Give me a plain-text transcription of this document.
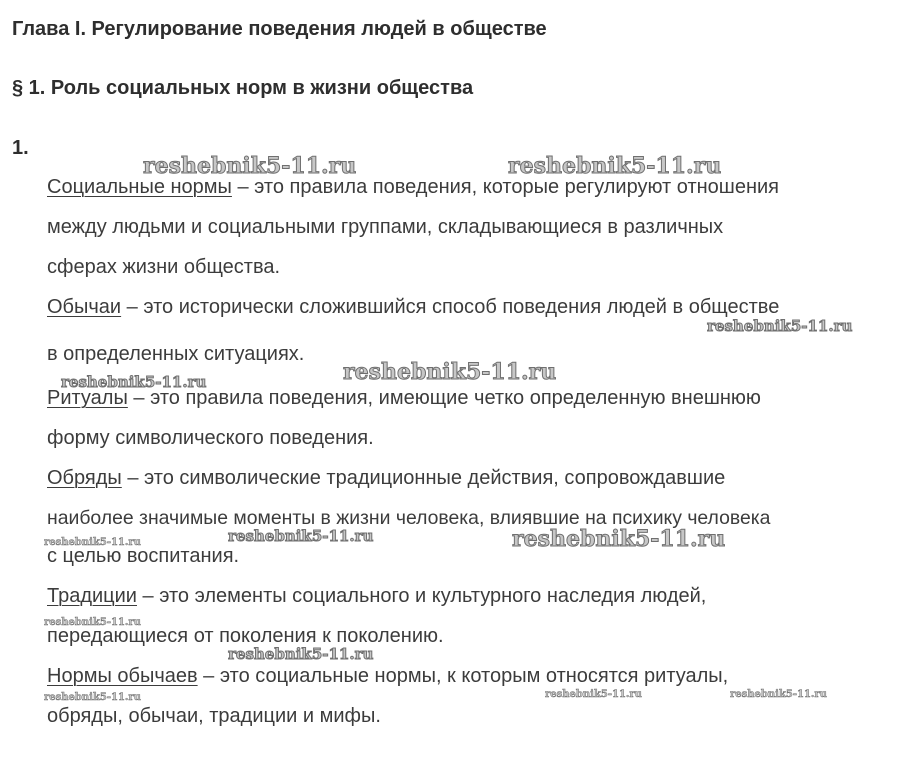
Глава I. Регулирование поведения людей в обществе
§ 1. Роль социальных норм в жизни общества
1.
Социальные нормы – это правила поведения, которые регулируют отношения
между людьми и социальными группами, складывающиеся в различных
сферах жизни общества.
Обычаи – это исторически сложившийся способ поведения людей в обществе
в определенных ситуациях.
Ритуалы – это правила поведения, имеющие четко определенную внешнюю
форму символического поведения.
Обряды – это символические традиционные действия, сопровождавшие
наиболее значимые моменты в жизни человека, влиявшие на психику человека
с целью воспитания.
Традиции – это элементы социального и культурного наследия людей,
передающиеся от поколения к поколению.
Нормы обычаев – это социальные нормы, к которым относятся ритуалы,
обряды, обычаи, традиции и мифы.
reshebnik5-11.ru	reshebnik5-11.ru
reshebnik5-11.ru
reshebnik5-11.ru
reshebnik5-11.ru
reshebnik5-11.ru	reshebnik5-11.ru	reshebnik5-11.ru
reshebnik5-11.ru
reshebnik5-11.ru
reshebnik5-11.ru	reshebnik5-11.ru	reshebnik5-11.ru
